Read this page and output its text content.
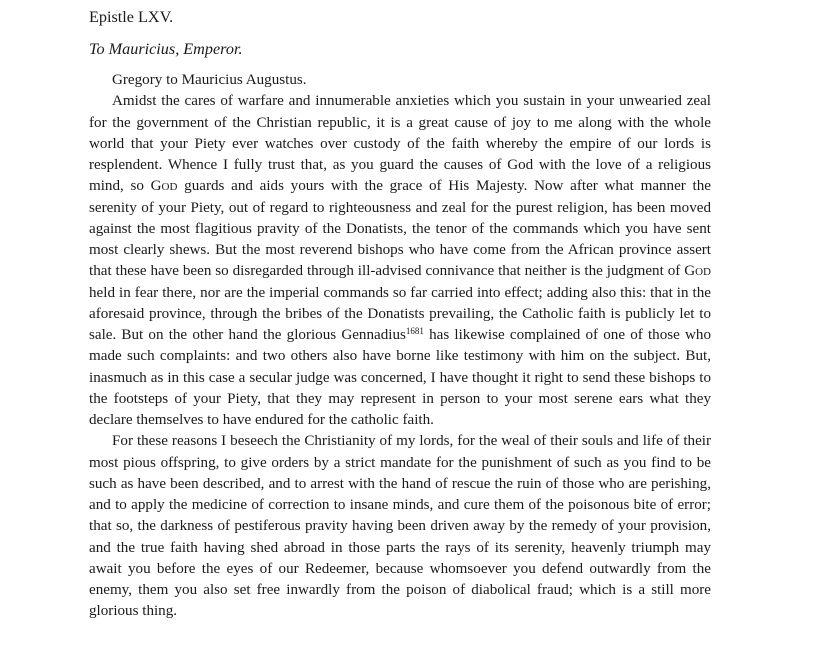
Epistle LXV.
To Mauricius, Emperor.

Gregory to Mauricius Augustus.

Amidst the cares of warfare and innumerable anxieties which you sustain in your unwearied zeal for the government of the Christian republic, it is a great cause of joy to me along with the whole world that your Piety ever watches over custody of the faith whereby the empire of our lords is resplendent. Whence I fully trust that, as you guard the causes of God with the love of a religious mind, so God guards and aids yours with the grace of His Majesty. Now after what manner the serenity of your Piety, out of regard to righteousness and zeal for the purest religion, has been moved against the most flagitious pravity of the Donatists, the tenor of the commands which you have sent most clearly shews. But the most reverend bishops who have come from the African province assert that these have been so disregarded through ill-advised connivance that neither is the judgment of God held in fear there, nor are the imperial commands so far carried into effect; adding also this: that in the aforesaid province, through the bribes of the Donatists prevailing, the Catholic faith is publicly let to sale. But on the other hand the glorious Gennadius$^{1681}$ has likewise complained of one of those who made such complaints: and two others also have borne like testimony with him on the subject. But, inasmuch as in this case a secular judge was concerned, I have thought it right to send these bishops to the footsteps of your Piety, that they may represent in person to your most serene ears what they declare themselves to have endured for the catholic faith.

For these reasons I beseech the Christianity of my lords, for the weal of their souls and life of their most pious offspring, to give orders by a strict mandate for the punishment of such as you find to be such as have been described, and to arrest with the hand of rescue the ruin of those who are perishing, and to apply the medicine of correction to insane minds, and cure them of the poisonous bite of error; that so, the darkness of pestiferous pravity having been driven away by the remedy of your provision, and the true faith having shed abroad in those parts the rays of its serenity, heavenly triumph may await you before the eyes of our Redeemer, because whomsoever you defend outwardly from the enemy, them you also set free inwardly from the poison of diabolical fraud; which is a still more glorious thing.
